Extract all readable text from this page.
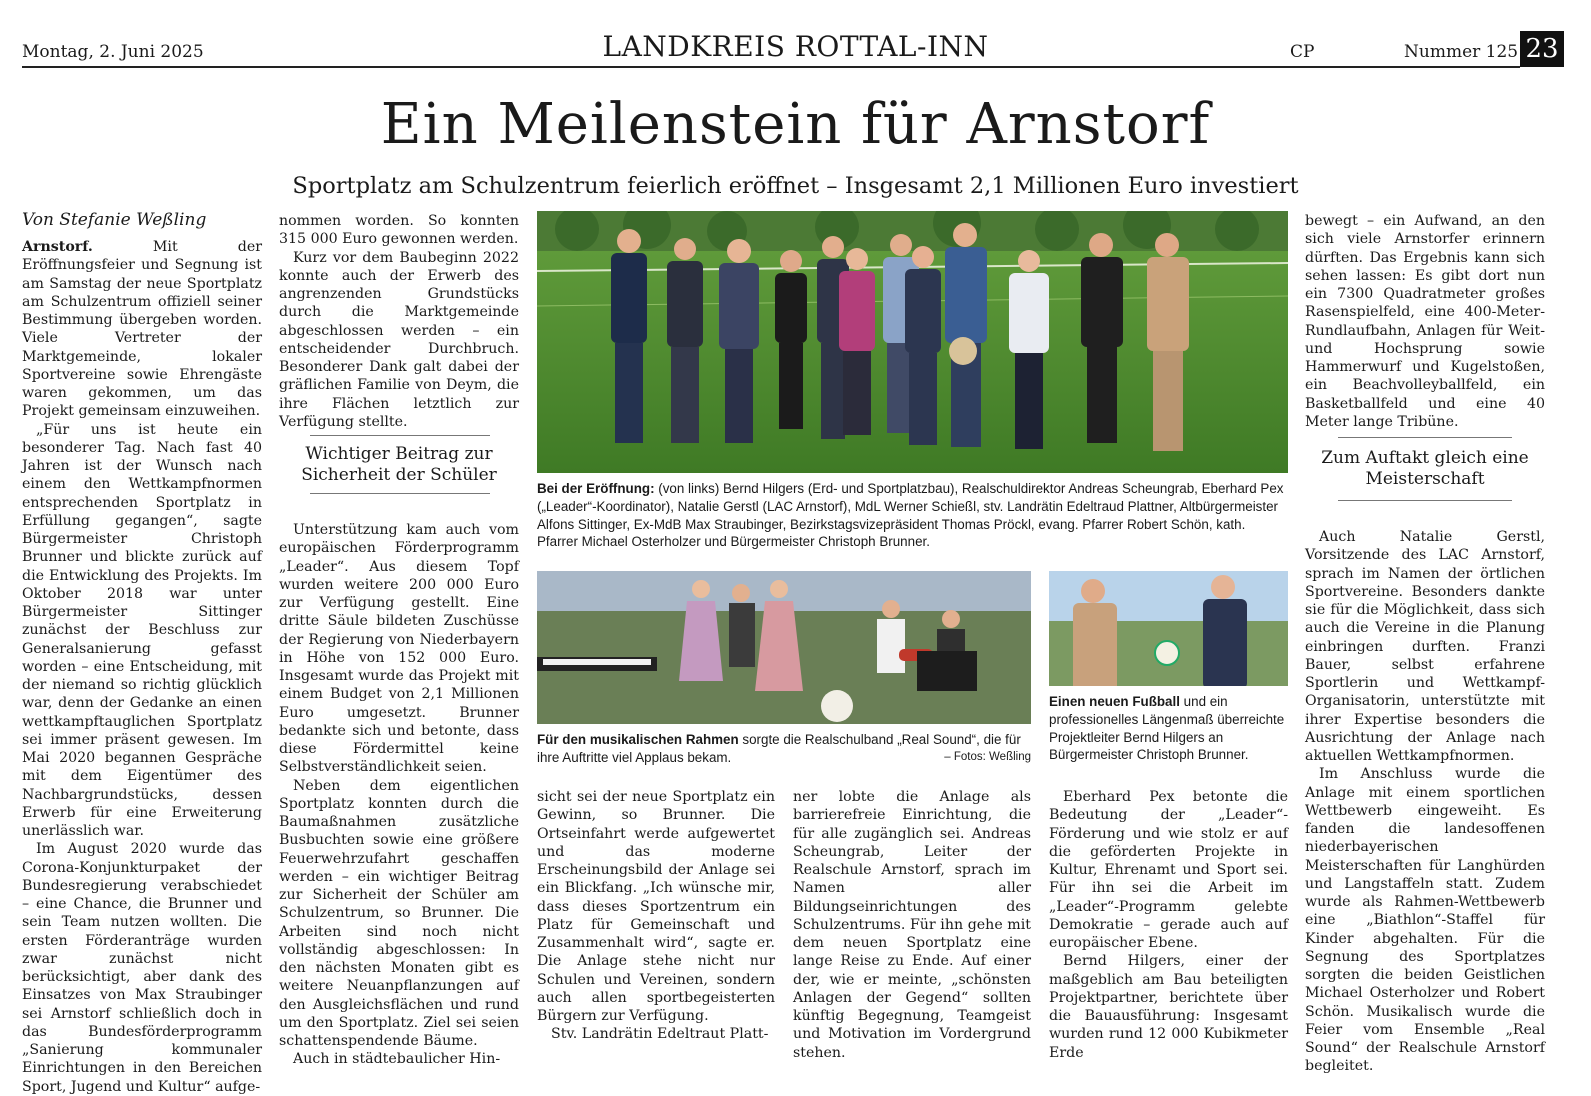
Montag, 2. Juni 2025	LANDKREIS ROTTAL-INN	CP	Nummer 125 23
Ein Meilenstein für Arnstorf
Sportplatz am Schulzentrum feierlich eröffnet – Insgesamt 2,1 Millionen Euro investiert
Von Stefanie Weßling

Arnstorf. Mit der Eröffnungsfeier und Segnung ist am Samstag der neue Sportplatz am Schulzentrum offiziell seiner Bestimmung übergeben worden. Viele Vertreter der Marktgemeinde, lokaler Sportvereine sowie Ehrengäste waren gekommen, um das Projekt gemeinsam einzuweihen.

„Für uns ist heute ein besonderer Tag. Nach fast 40 Jahren ist der Wunsch nach einem den Wettkampfnormen entsprechenden Sportplatz in Erfüllung gegangen“, sagte Bürgermeister Christoph Brunner und blickte zurück auf die Entwicklung des Projekts. Im Oktober 2018 war unter Bürgermeister Sittinger zunächst der Beschluss zur Generalsanierung gefasst worden – eine Entscheidung, mit der niemand so richtig glücklich war, denn der Gedanke an einen wettkampftauglichen Sportplatz sei immer präsent gewesen. Im Mai 2020 begannen Gespräche mit dem Eigentümer des Nachbargrundstücks, dessen Erwerb für eine Erweiterung unerlässlich war.

Im August 2020 wurde das Corona-Konjunkturpaket der Bundesregierung verabschiedet – eine Chance, die Brunner und sein Team nutzen wollten. Die ersten Förderanträge wurden zwar zunächst nicht berücksichtigt, aber dank des Einsatzes von Max Straubinger sei Arnstorf schließlich doch in das Bundesförderprogramm „Sanierung kommunaler Einrichtungen in den Bereichen Sport, Jugend und Kultur“ aufge-

nommen worden. So konnten 315 000 Euro gewonnen werden.

Kurz vor dem Baubeginn 2022 konnte auch der Erwerb des angrenzenden Grundstücks durch die Marktgemeinde abgeschlossen werden – ein entscheidender Durchbruch. Besonderer Dank galt dabei der gräflichen Familie von Deym, die ihre Flächen letztlich zur Verfügung stellte.

Wichtiger Beitrag zur Sicherheit der Schüler

Unterstützung kam auch vom europäischen Förderprogramm „Leader“. Aus diesem Topf wurden weitere 200 000 Euro zur Verfügung gestellt. Eine dritte Säule bildeten Zuschüsse der Regierung von Niederbayern in Höhe von 152 000 Euro. Insgesamt wurde das Projekt mit einem Budget von 2,1 Millionen Euro umgesetzt. Brunner bedankte sich und betonte, dass diese Fördermittel keine Selbstverständlichkeit seien.

Neben dem eigentlichen Sportplatz konnten durch die Baumaßnahmen zusätzliche Busbuchten sowie eine größere Feuerwehrzufahrt geschaffen werden – ein wichtiger Beitrag zur Sicherheit der Schüler am Schulzentrum, so Brunner. Die Arbeiten sind noch nicht vollständig abgeschlossen: In den nächsten Monaten gibt es weitere Neuanpflanzungen auf den Ausgleichsflächen und rund um den Sportplatz. Ziel sei seien schattenspendende Bäume.

Auch in städtebaulicher Hin-

Bei der Eröffnung: (von links) Bernd Hilgers (Erd- und Sportplatzbau), Realschuldirektor Andreas Scheungrab, Eberhard Pex („Leader“-Koordinator), Natalie Gerstl (LAC Arnstorf), MdL Werner Schießl, stv. Landrätin Edeltraud Plattner, Altbürgermeister Alfons Sittinger, Ex-MdB Max Straubinger, Bezirkstagsvizepräsident Thomas Pröckl, evang. Pfarrer Robert Schön, kath. Pfarrer Michael Osterholzer und Bürgermeister Christoph Brunner.
Für den musikalischen Rahmen sorgte die Realschulband „Real Sound“, die für ihre Auftritte viel Applaus bekam.	– Fotos: Weßling
Einen neuen Fußball und ein professionelles Längenmaß überreichte Projektleiter Bernd Hilgers an Bürgermeister Christoph Brunner.

sicht sei der neue Sportplatz ein Gewinn, so Brunner. Die Ortseinfahrt werde aufgewertet und das moderne Erscheinungsbild der Anlage sei ein Blickfang. „Ich wünsche mir, dass dieses Sportzentrum ein Platz für Gemeinschaft und Zusammenhalt wird“, sagte er. Die Anlage stehe nicht nur Schulen und Vereinen, sondern auch allen sportbegeisterten Bürgern zur Verfügung.

Stv. Landrätin Edeltraut Platt-

ner lobte die Anlage als barrierefreie Einrichtung, die für alle zugänglich sei. Andreas Scheungrab, Leiter der Realschule Arnstorf, sprach im Namen aller Bildungseinrichtungen des Schulzentrums. Für ihn gehe mit dem neuen Sportplatz eine lange Reise zu Ende. Auf einer der, wie er meinte, „schönsten Anlagen der Gegend“ sollten künftig Begegnung, Teamgeist und Motivation im Vordergrund stehen.

Eberhard Pex betonte die Bedeutung der „Leader“-Förderung und wie stolz er auf die geförderten Projekte in Kultur, Ehrenamt und Sport sei. Für ihn sei die Arbeit im „Leader“-Programm gelebte Demokratie – gerade auch auf europäischer Ebene.

Bernd Hilgers, einer der maßgeblich am Bau beteiligten Projektpartner, berichtete über die Bauausführung: Insgesamt wurden rund 12 000 Kubikmeter Erde

bewegt – ein Aufwand, an den sich viele Arnstorfer erinnern dürften. Das Ergebnis kann sich sehen lassen: Es gibt dort nun ein 7300 Quadratmeter großes Rasenspielfeld, eine 400-Meter-Rundlaufbahn, Anlagen für Weit- und Hochsprung sowie Hammerwurf und Kugelstoßen, ein Beachvolleyballfeld, ein Basketballfeld und eine 40 Meter lange Tribüne.

Zum Auftakt gleich eine Meisterschaft

Auch Natalie Gerstl, Vorsitzende des LAC Arnstorf, sprach im Namen der örtlichen Sportvereine. Besonders dankte sie für die Möglichkeit, dass sich auch die Vereine in die Planung einbringen durften. Franzi Bauer, selbst erfahrene Sportlerin und Wettkampf-Organisatorin, unterstützte mit ihrer Expertise besonders die Ausrichtung der Anlage nach aktuellen Wettkampfnormen.

Im Anschluss wurde die Anlage mit einem sportlichen Wettbewerb eingeweiht. Es fanden die landesoffenen niederbayerischen Meisterschaften für Langhürden und Langstaffeln statt. Zudem wurde als Rahmen-Wettbewerb eine „Biathlon“-Staffel für Kinder abgehalten. Für die Segnung des Sportplatzes sorgten die beiden Geistlichen Michael Osterholzer und Robert Schön. Musikalisch wurde die Feier vom Ensemble „Real Sound“ der Realschule Arnstorf begleitet.
